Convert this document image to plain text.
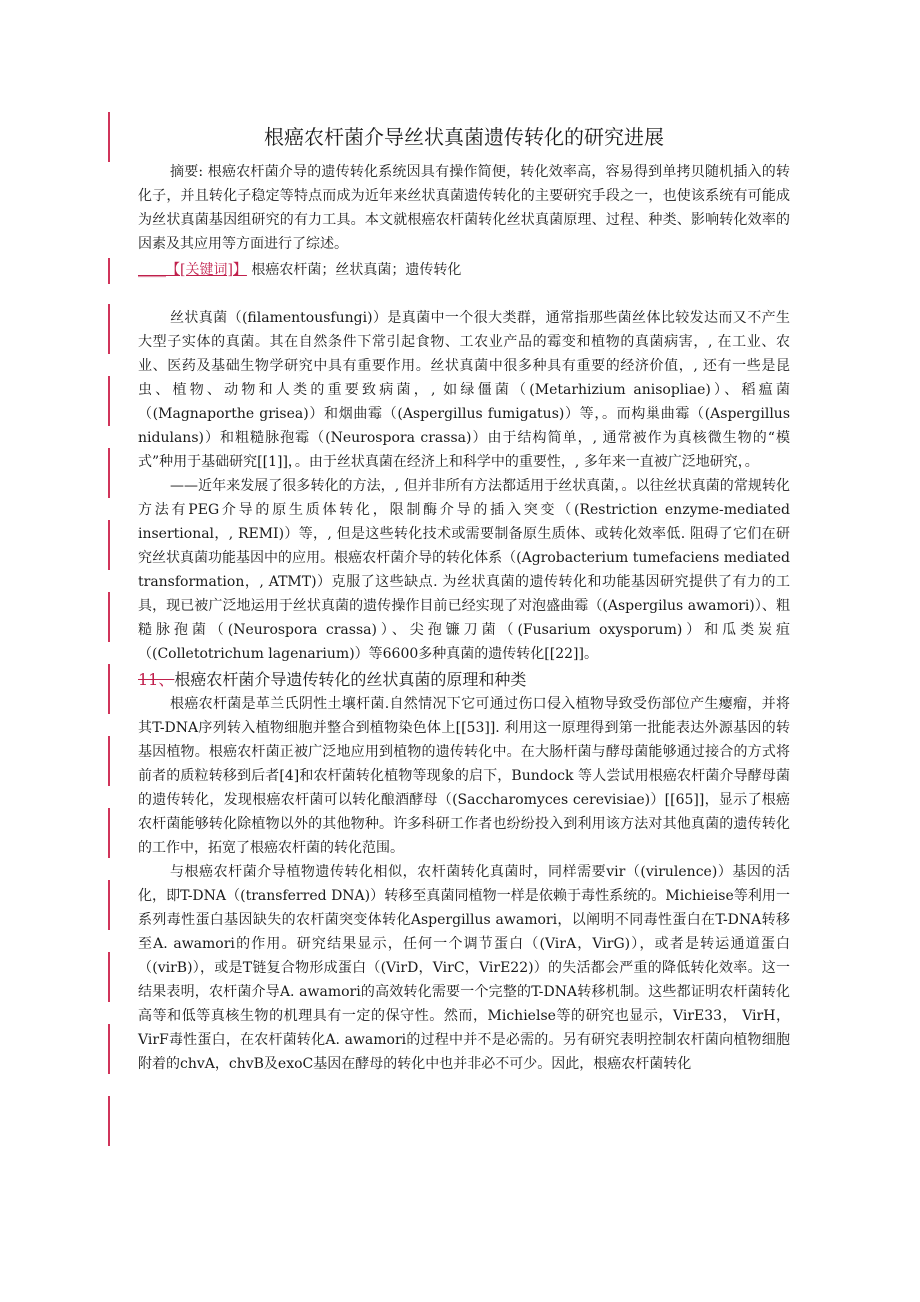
根癌农杆菌介导丝状真菌遗传转化的研究进展

摘要: 根癌农杆菌介导的遗传转化系统因具有操作简便，转化效率高，容易得到单拷贝随机插入的转化子，并且转化子稳定等特点而成为近年来丝状真菌遗传转化的主要研究手段之一，也使该系统有可能成为丝状真菌基因组研究的有力工具。本文就根癌农杆菌转化丝状真菌原理、过程、种类、影响转化效率的因素及其应用等方面进行了综述。

____【[关键词]】 根癌农杆菌；丝状真菌；遗传转化

丝状真菌（(filamentousfungi)）是真菌中一个很大类群，通常指那些菌丝体比较发达而又不产生大型子实体的真菌。其在自然条件下常引起食物、工农业产品的霉变和植物的真菌病害，, 在工业、农业、医药及基础生物学研究中具有重要作用。丝状真菌中很多种具有重要的经济价值，, 还有一些是昆虫、植物、动物和人类的重要致病菌，, 如绿僵菌（(Metarhizium anisopliae)）、稻瘟菌（(Magnaporthe grisea)）和烟曲霉（(Aspergillus fumigatus)）等，。而构巢曲霉（(Aspergillus nidulans)）和粗糙脉孢霉（(Neurospora crassa)）由于结构简单，, 通常被作为真核微生物的“模式”种用于基础研究[[1]]，。由于丝状真菌在经济上和科学中的重要性，, 多年来一直被广泛地研究，。

——近年来发展了很多转化的方法，, 但并非所有方法都适用于丝状真菌，。以往丝状真菌的常规转化方法有PEG介导的原生质体转化，限制酶介导的插入突变（(Restriction enzyme-mediated insertional，, REMI)）等，, 但是这些转化技术或需要制备原生质体、或转化效率低. 阻碍了它们在研究丝状真菌功能基因中的应用。根癌农杆菌介导的转化体系（(Agrobacterium tumefaciens mediated transformation，, ATMT)）克服了这些缺点. 为丝状真菌的遗传转化和功能基因研究提供了有力的工具，现已被广泛地运用于丝状真菌的遗传操作目前已经实现了对泡盛曲霉（(Aspergilus awamori)）、粗糙脉孢菌（(Neurospora crassa)）、尖孢镰刀菌（(Fusarium oxysporum)）和瓜类炭疽（(Colletotrichum lagenarium)）等6600多种真菌的遗传转化[[22]]。

11、根癌农杆菌介导遗传转化的丝状真菌的原理和种类

根癌农杆菌是革兰氏阴性土壤杆菌.自然情况下它可通过伤口侵入植物导致受伤部位产生瘿瘤，并将其T-DNA序列转入植物细胞并整合到植物染色体上[[53]]. 利用这一原理得到第一批能表达外源基因的转基因植物。根癌农杆菌正被广泛地应用到植物的遗传转化中。在大肠杆菌与酵母菌能够通过接合的方式将前者的质粒转移到后者[4]和农杆菌转化植物等现象的启下，Bundock 等人尝试用根癌农杆菌介导酵母菌的遗传转化，发现根癌农杆菌可以转化酿酒酵母（(Saccharomyces cerevisiae)）[[65]]，显示了根癌农杆菌能够转化除植物以外的其他物种。许多科研工作者也纷纷投入到利用该方法对其他真菌的遗传转化的工作中，拓宽了根癌农杆菌的转化范围。

与根癌农杆菌介导植物遗传转化相似，农杆菌转化真菌时，同样需要vir（(virulence)）基因的活化，即T-DNA（(transferred DNA)）转移至真菌同植物一样是依赖于毒性系统的。Michieise等利用一系列毒性蛋白基因缺失的农杆菌突变体转化Aspergillus awamori，以阐明不同毒性蛋白在T-DNA转移至A. awamori的作用。研究结果显示，任何一个调节蛋白（(VirA，VirG)），或者是转运通道蛋白（(virB)），或是T链复合物形成蛋白（(VirD，VirC，VirE22)）的失活都会严重的降低转化效率。这一结果表明，农杆菌介导A. awamori的高效转化需要一个完整的T-DNA转移机制。这些都证明农杆菌转化高等和低等真核生物的机理具有一定的保守性。然而，Michielse等的研究也显示，VirE33， VirH，VirF毒性蛋白，在农杆菌转化A. awamori的过程中并不是必需的。另有研究表明控制农杆菌向植物细胞附着的chvA，chvB及exoC基因在酵母的转化中也并非必不可少。因此，根癌农杆菌转化
